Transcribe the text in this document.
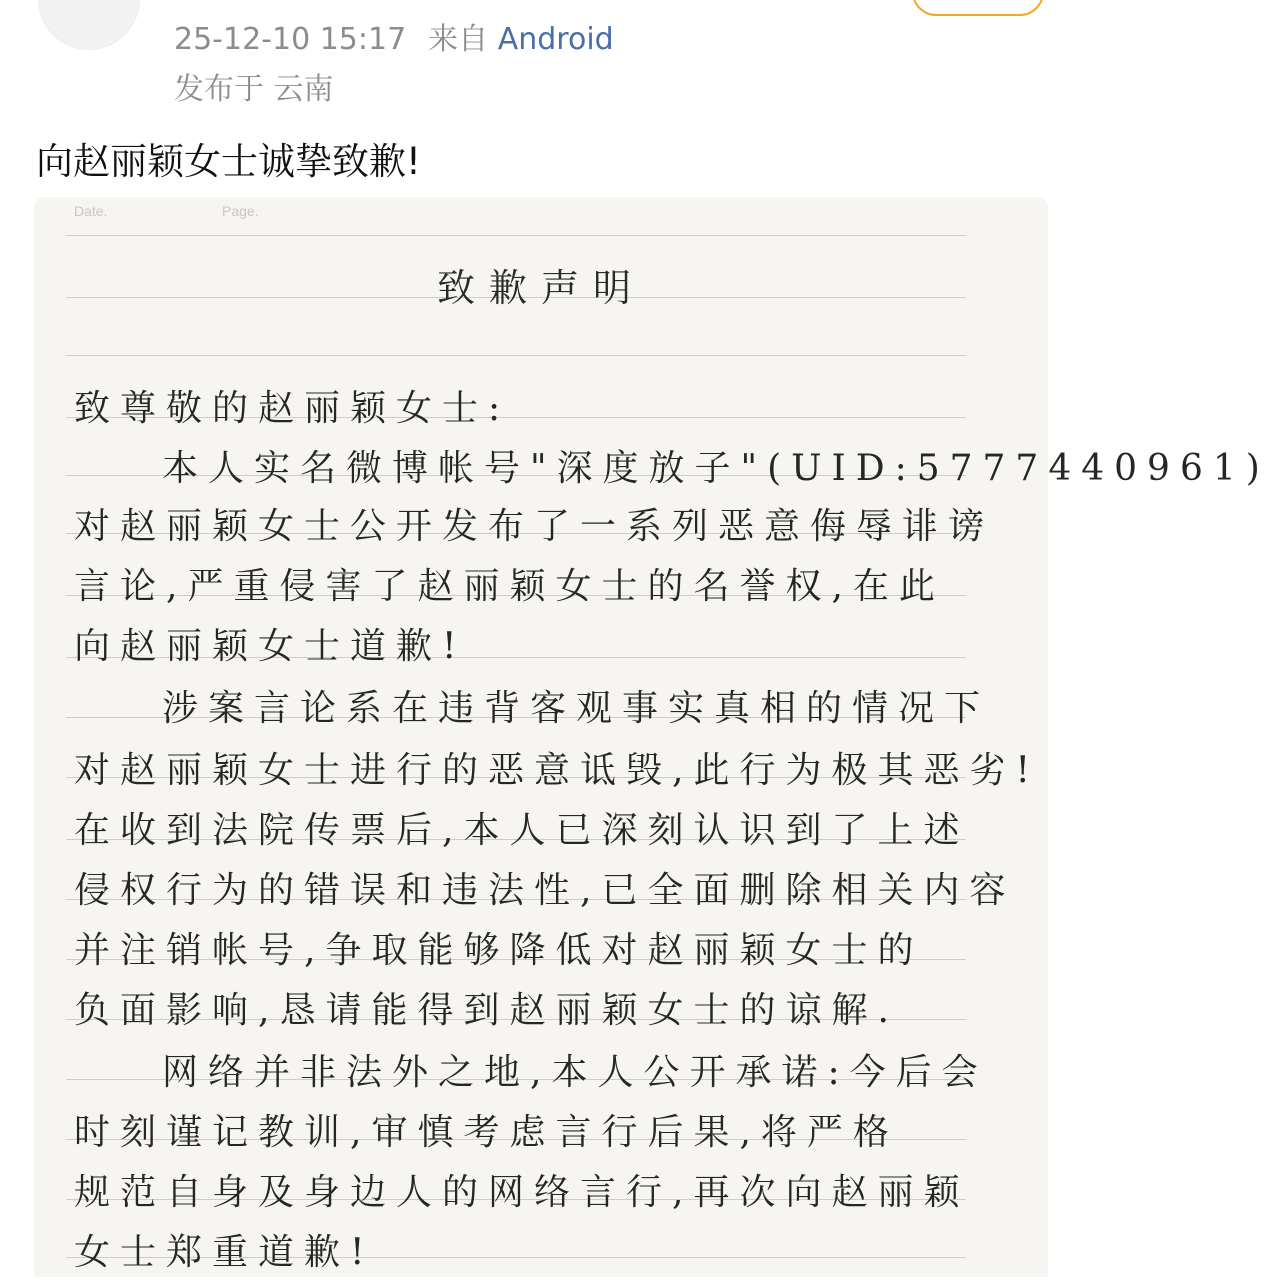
25-12-10 15:17 来自 Android
发布于 云南
向赵丽颖女士诚挚致歉!
Date.	Page.
致歉声明
致尊敬的赵丽颖女士:
本人实名微博帐号"深度放子"(UID:5777440961)
对赵丽颖女士公开发布了一系列恶意侮辱诽谤
言论,严重侵害了赵丽颖女士的名誉权,在此
向赵丽颖女士道歉!
涉案言论系在违背客观事实真相的情况下
对赵丽颖女士进行的恶意诋毁,此行为极其恶劣!
在收到法院传票后,本人已深刻认识到了上述
侵权行为的错误和违法性,已全面删除相关内容
并注销帐号,争取能够降低对赵丽颖女士的
负面影响,恳请能得到赵丽颖女士的谅解.
网络并非法外之地,本人公开承诺:今后会
时刻谨记教训,审慎考虑言行后果,将严格
规范自身及身边人的网络言行,再次向赵丽颖
女士郑重道歉!
